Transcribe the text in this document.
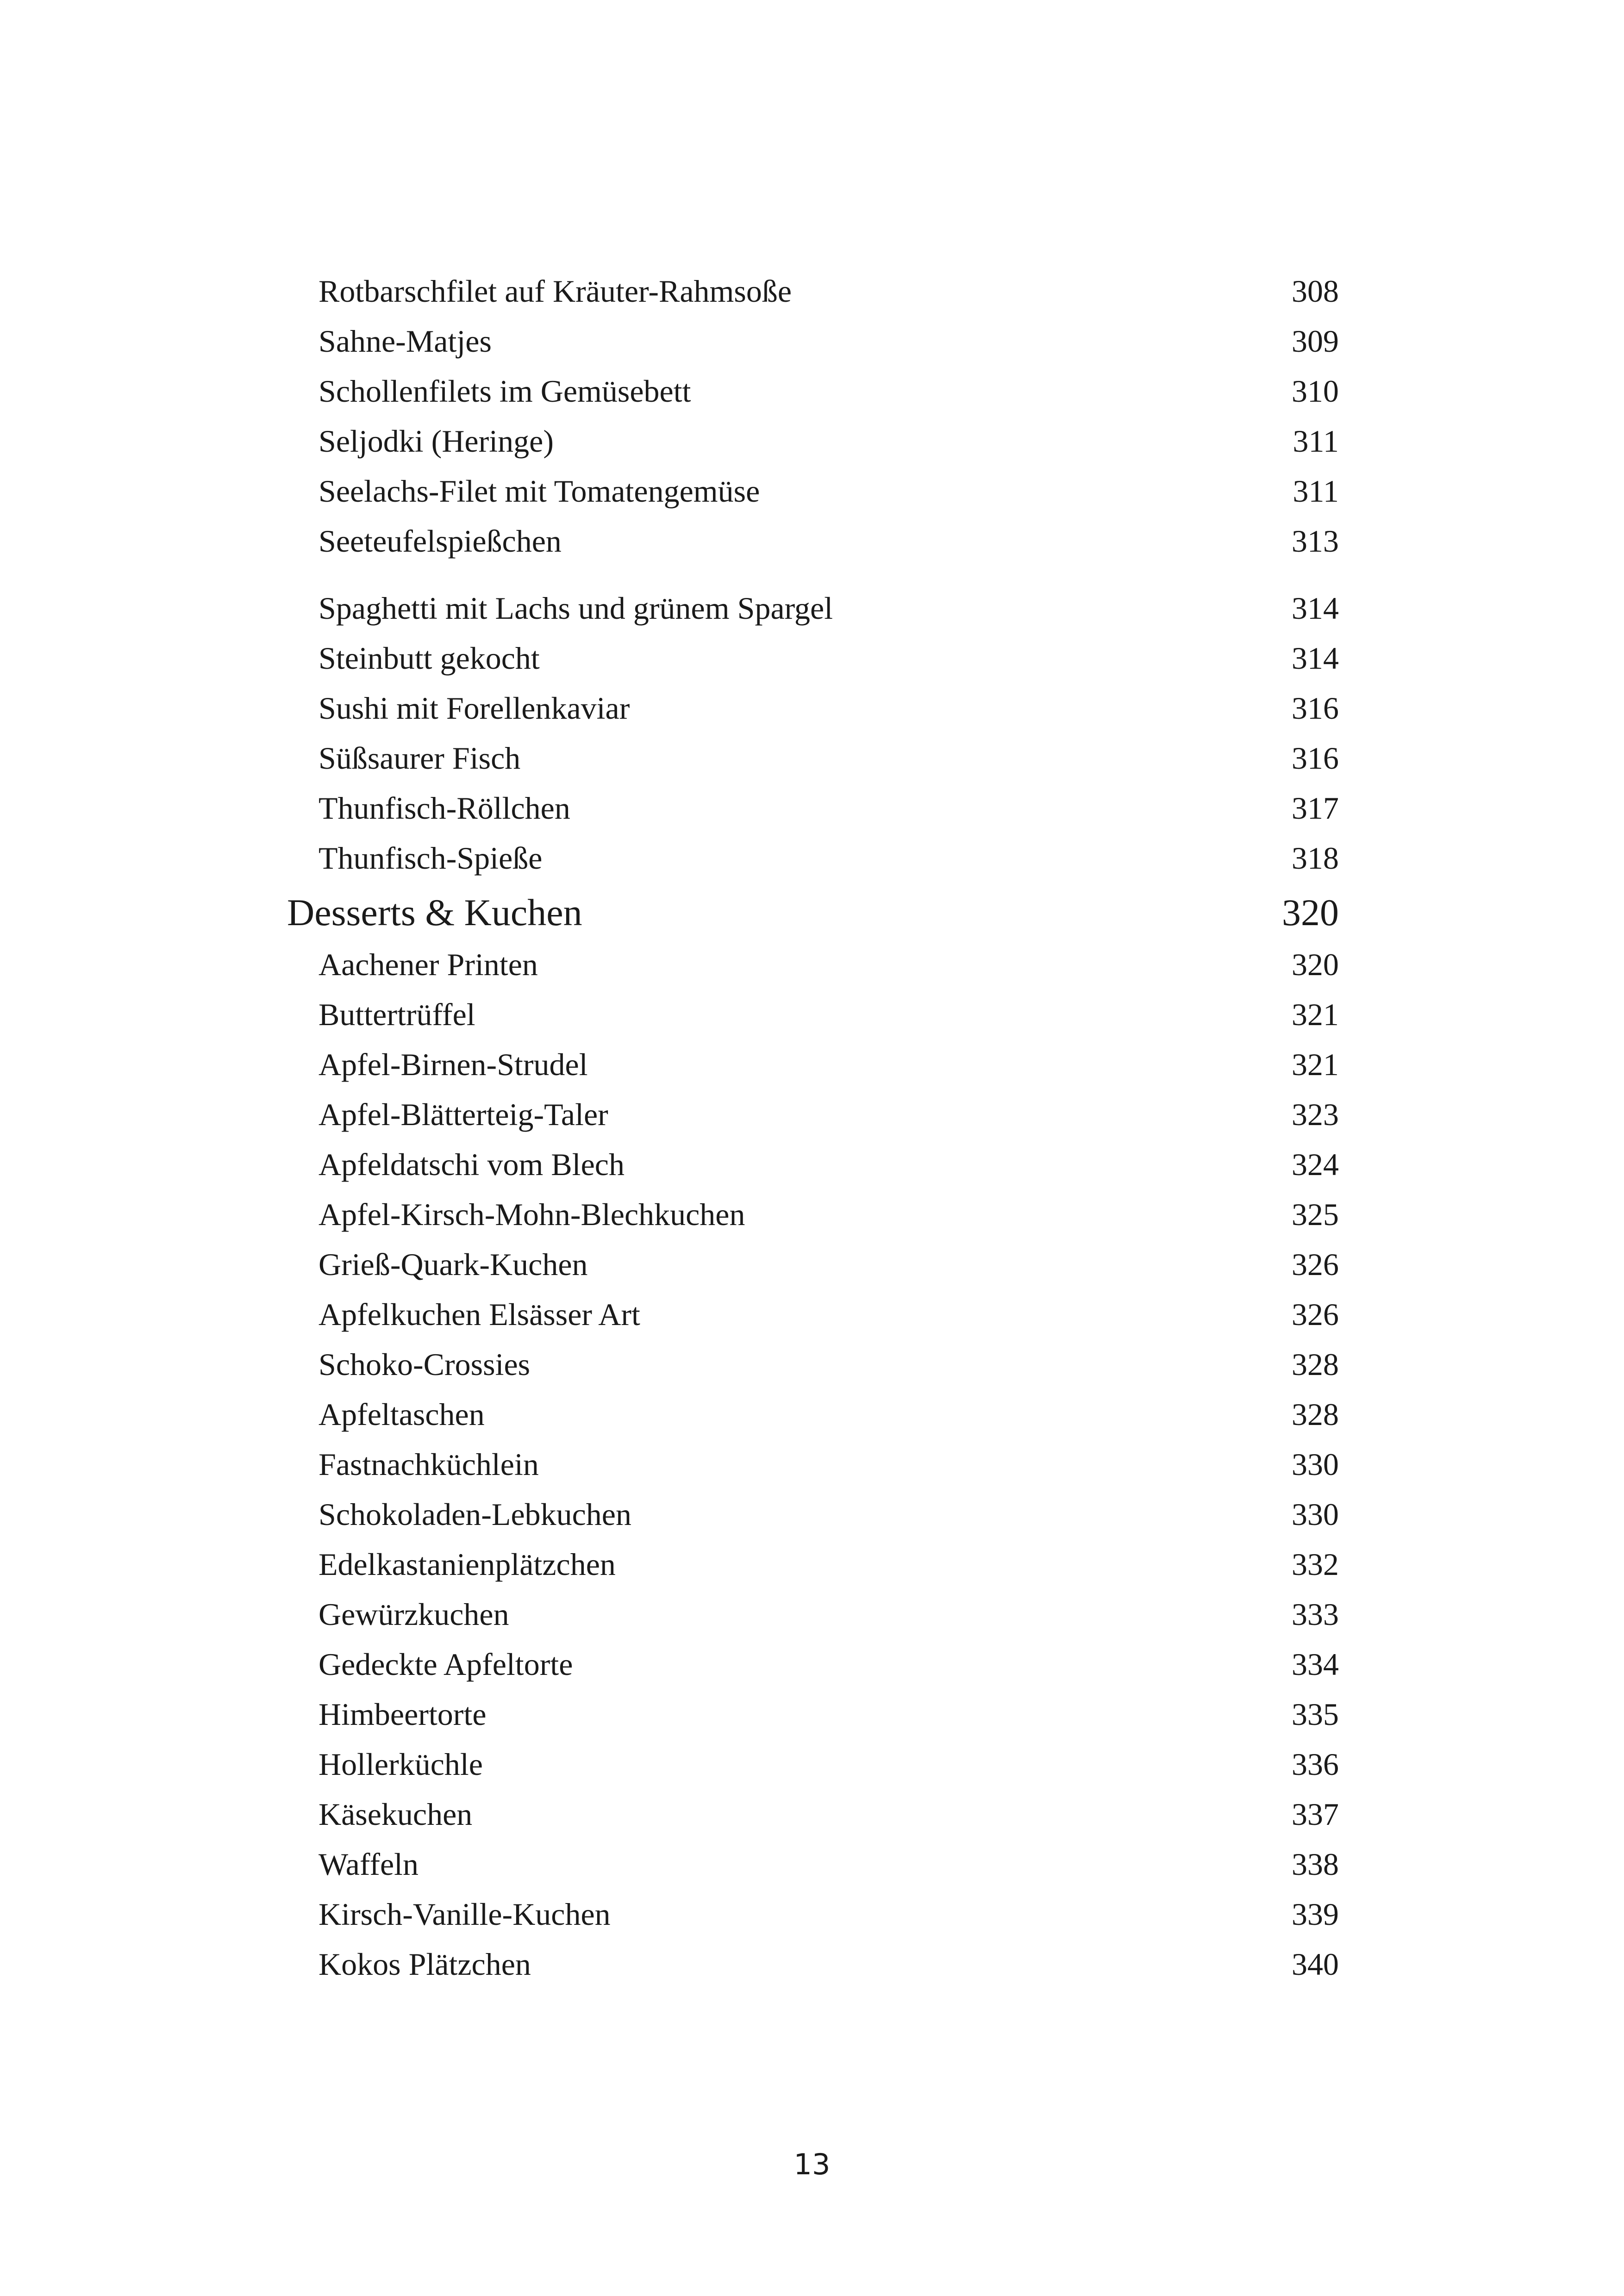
Rotbarschfilet auf Kräuter-Rahmsoße	308
Sahne-Matjes	309
Schollenfilets im Gemüsebett	310
Seljodki (Heringe)	311
Seelachs-Filet mit Tomatengemüse	311
Seeteufelspießchen	313
Spaghetti mit Lachs und grünem Spargel	314
Steinbutt gekocht	314
Sushi mit Forellenkaviar	316
Süßsaurer Fisch	316
Thunfisch-Röllchen	317
Thunfisch-Spieße	318
Desserts & Kuchen	320
Aachener Printen	320
Buttertrüffel	321
Apfel-Birnen-Strudel	321
Apfel-Blätterteig-Taler	323
Apfeldatschi vom Blech	324
Apfel-Kirsch-Mohn-Blechkuchen	325
Grieß-Quark-Kuchen	326
Apfelkuchen Elsässer Art	326
Schoko-Crossies	328
Apfeltaschen	328
Fastnachküchlein	330
Schokoladen-Lebkuchen	330
Edelkastanienplätzchen	332
Gewürzkuchen	333
Gedeckte Apfeltorte	334
Himbeertorte	335
Hollerküchle	336
Käsekuchen	337
Waffeln	338
Kirsch-Vanille-Kuchen	339
Kokos Plätzchen	340
13
